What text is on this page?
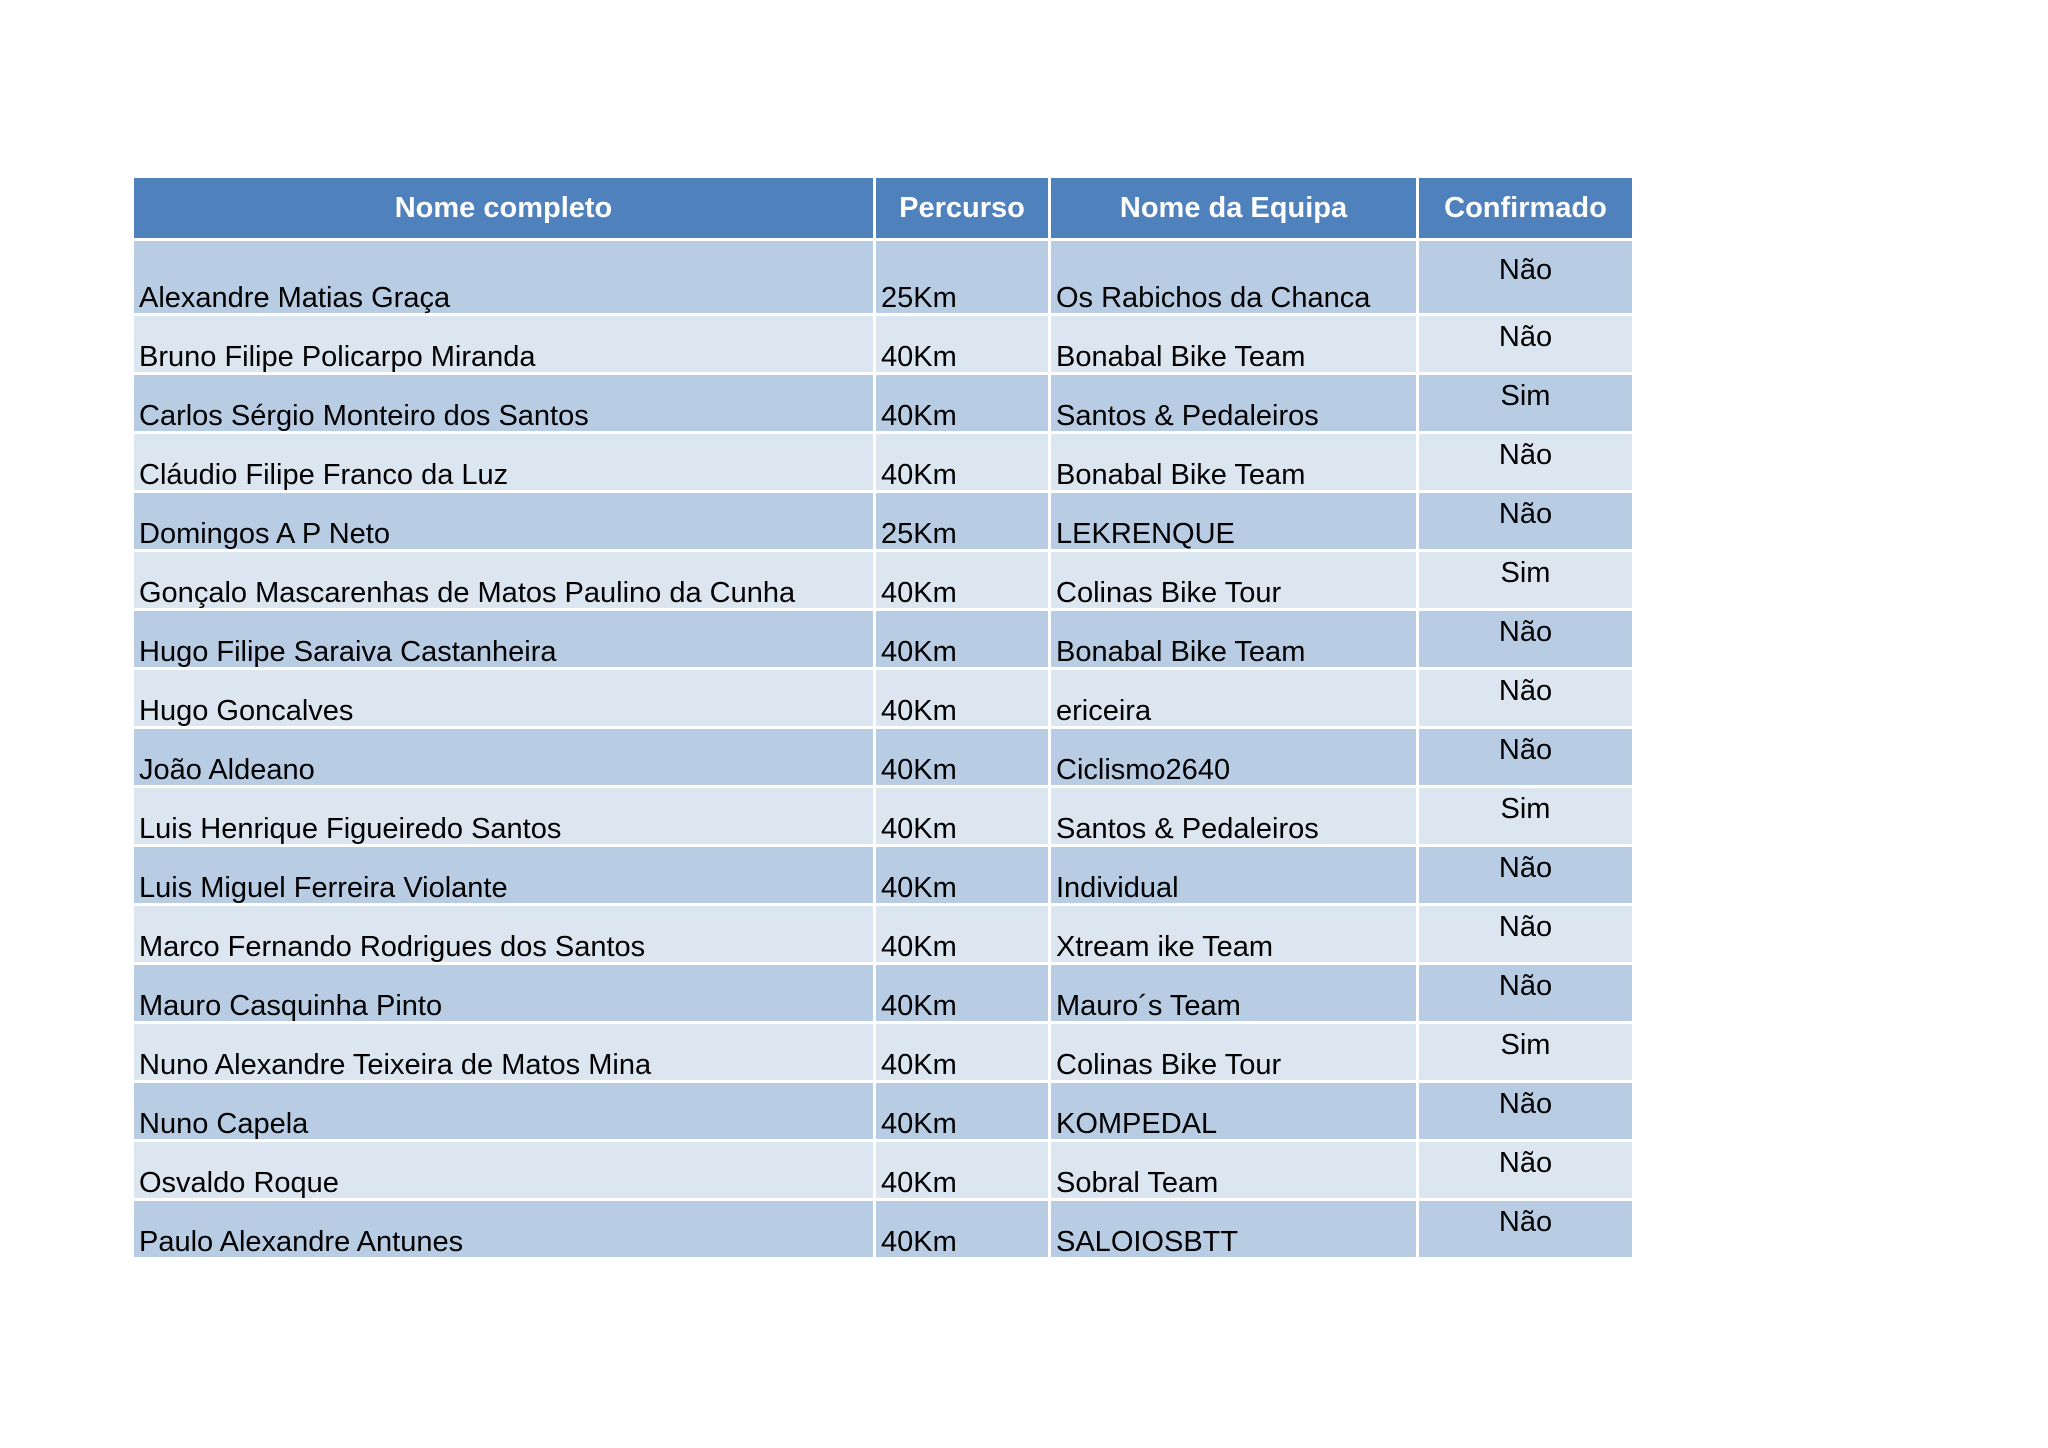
Nome completo	Percurso	Nome da Equipa	Confirmado
Alexandre Matias Graça	25Km	Os Rabichos da Chanca	Não
Bruno Filipe Policarpo Miranda	40Km	Bonabal Bike Team	Não
Carlos Sérgio Monteiro dos Santos	40Km	Santos & Pedaleiros	Sim
Cláudio Filipe Franco da Luz	40Km	Bonabal Bike Team	Não
Domingos A P Neto	25Km	LEKRENQUE	Não
Gonçalo Mascarenhas de Matos Paulino da Cunha	40Km	Colinas Bike Tour	Sim
Hugo Filipe Saraiva Castanheira	40Km	Bonabal Bike Team	Não
Hugo Goncalves	40Km	ericeira	Não
João Aldeano	40Km	Ciclismo2640	Não
Luis Henrique Figueiredo Santos	40Km	Santos & Pedaleiros	Sim
Luis Miguel Ferreira Violante	40Km	Individual	Não
Marco Fernando Rodrigues dos Santos	40Km	Xtream ike Team	Não
Mauro Casquinha Pinto	40Km	Mauro´s Team	Não
Nuno Alexandre Teixeira de Matos Mina	40Km	Colinas Bike Tour	Sim
Nuno Capela	40Km	KOMPEDAL	Não
Osvaldo Roque	40Km	Sobral Team	Não
Paulo Alexandre Antunes	40Km	SALOIOSBTT	Não
